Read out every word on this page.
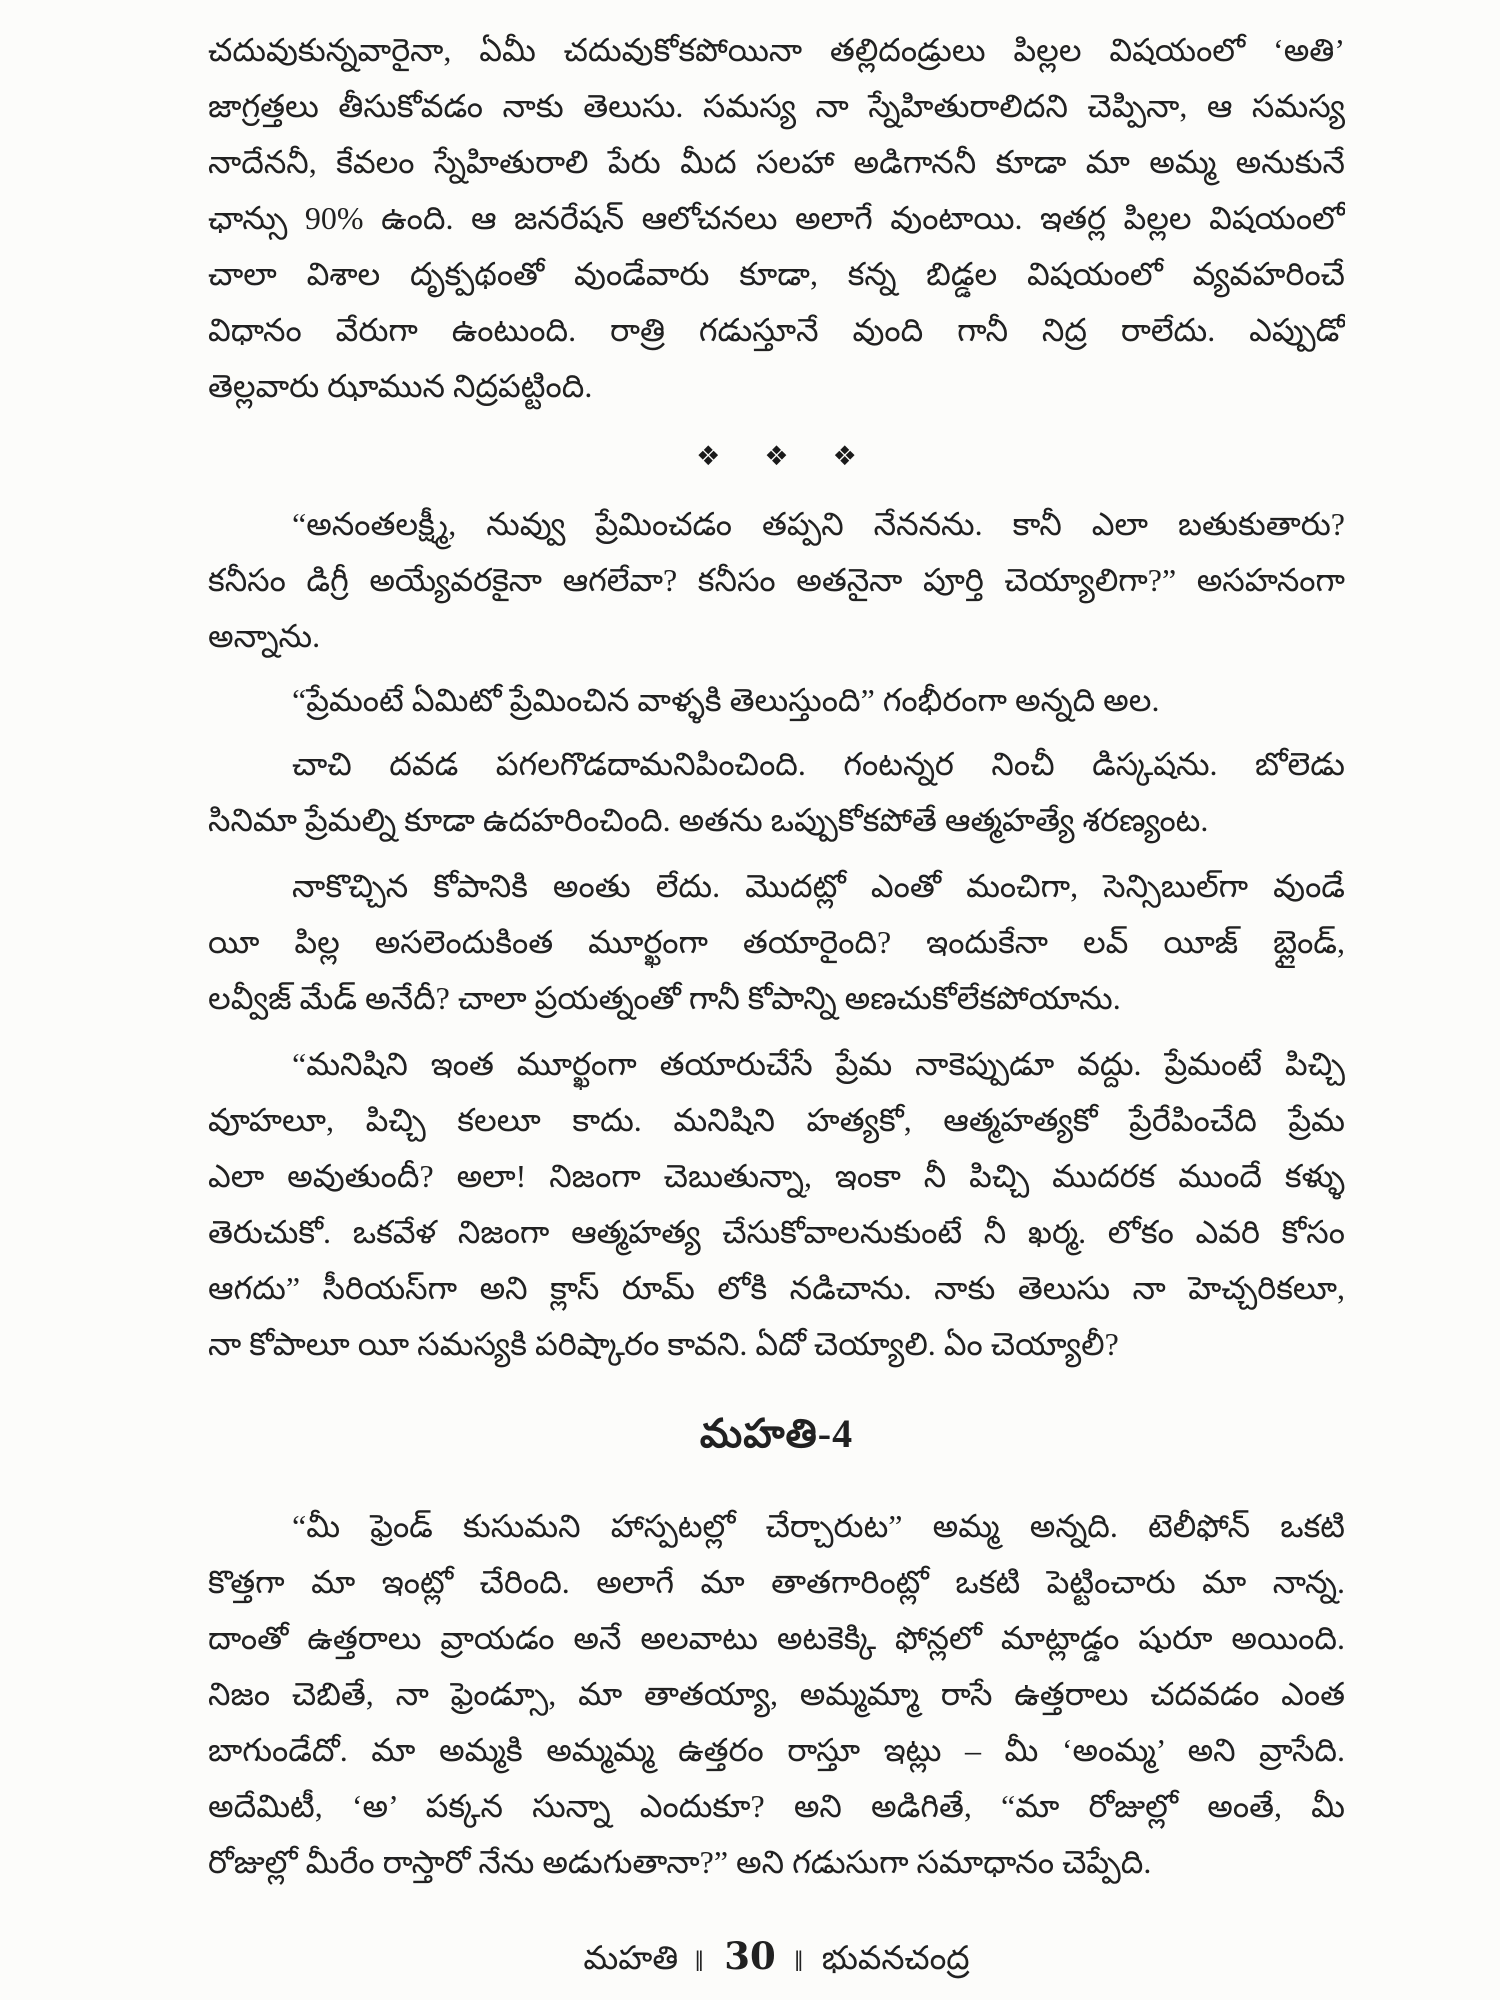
చదువుకున్నవారైనా, ఏమీ చదువుకోకపోయినా తల్లిదండ్రులు పిల్లల విషయంలో ‘అతి’
జాగ్రత్తలు తీసుకోవడం నాకు తెలుసు. సమస్య నా స్నేహితురాలిదని చెప్పినా, ఆ సమస్య
నాదేననీ, కేవలం స్నేహితురాలి పేరు మీద సలహా అడిగాననీ కూడా మా అమ్మ అనుకునే
ఛాన్సు 90% ఉంది. ఆ జనరేషన్ ఆలోచనలు అలాగే వుంటాయి. ఇతర్ల పిల్లల విషయంలో
చాలా విశాల దృక్పథంతో వుండేవారు కూడా, కన్న బిడ్డల విషయంలో వ్యవహరించే
విధానం వేరుగా ఉంటుంది. రాత్రి గడుస్తూనే వుంది గానీ నిద్ర రాలేదు. ఎప్పుడో
తెల్లవారు ఝామున నిద్రపట్టింది.
❖ ❖ ❖
“అనంతలక్ష్మీ, నువ్వు ప్రేమించడం తప్పని నేననను. కానీ ఎలా బతుకుతారు?
కనీసం డిగ్రీ అయ్యేవరకైనా ఆగలేవా? కనీసం అతనైనా పూర్తి చెయ్యాలిగా?” అసహనంగా
అన్నాను.
“ప్రేమంటే ఏమిటో ప్రేమించిన వాళ్ళకి తెలుస్తుంది” గంభీరంగా అన్నది అల.
చాచి దవడ పగలగొడదామనిపించింది. గంటన్నర నించీ డిస్కషను. బోలెడు
సినిమా ప్రేమల్ని కూడా ఉదహరించింది. అతను ఒప్పుకోకపోతే ఆత్మహత్యే శరణ్యంట.
నాకొచ్చిన కోపానికి అంతు లేదు. మొదట్లో ఎంతో మంచిగా, సెన్సిబుల్‌గా వుండే
యీ పిల్ల అసలెందుకింత మూర్ఖంగా తయారైంది? ఇందుకేనా లవ్ యీజ్ బ్లైండ్,
లవ్వీజ్ మేడ్ అనేదీ? చాలా ప్రయత్నంతో గానీ కోపాన్ని అణచుకోలేకపోయాను.
“మనిషిని ఇంత మూర్ఖంగా తయారుచేసే ప్రేమ నాకెప్పుడూ వద్దు. ప్రేమంటే పిచ్చి
వూహలూ, పిచ్చి కలలూ కాదు. మనిషిని హత్యకో, ఆత్మహత్యకో ప్రేరేపించేది ప్రేమ
ఎలా అవుతుందీ? అలా! నిజంగా చెబుతున్నా, ఇంకా నీ పిచ్చి ముదరక ముందే కళ్ళు
తెరుచుకో. ఒకవేళ నిజంగా ఆత్మహత్య చేసుకోవాలనుకుంటే నీ ఖర్మ. లోకం ఎవరి కోసం
ఆగదు” సీరియస్‌గా అని క్లాస్ రూమ్ లోకి నడిచాను. నాకు తెలుసు నా హెచ్చరికలూ,
నా కోపాలూ యీ సమస్యకి పరిష్కారం కావని. ఏదో చెయ్యాలి. ఏం చెయ్యాలీ?
మహతి-4
“మీ ఫ్రెండ్ కుసుమని హాస్పటల్లో చేర్చారుట” అమ్మ అన్నది. టెలీఫోన్ ఒకటి
కొత్తగా మా ఇంట్లో చేరింది. అలాగే మా తాతగారింట్లో ఒకటి పెట్టించారు మా నాన్న.
దాంతో ఉత్తరాలు వ్రాయడం అనే అలవాటు అటకెక్కి ఫోన్లలో మాట్లాడ్డం షురూ అయింది.
నిజం చెబితే, నా ఫ్రెండ్సూ, మా తాతయ్యా, అమ్మమ్మా రాసే ఉత్తరాలు చదవడం ఎంత
బాగుండేదో. మా అమ్మకి అమ్మమ్మ ఉత్తరం రాస్తూ ఇట్లు – మీ ‘అంమ్మ’ అని వ్రాసేది.
అదేమిటీ, ‘అ’ పక్కన సున్నా ఎందుకూ? అని అడిగితే, “మా రోజుల్లో అంతే, మీ
రోజుల్లో మీరేం రాస్తారో నేను అడుగుతానా?” అని గడుసుగా సమాధానం చెప్పేది.
మహతి ‖ 30 ‖ భువనచంద్ర
